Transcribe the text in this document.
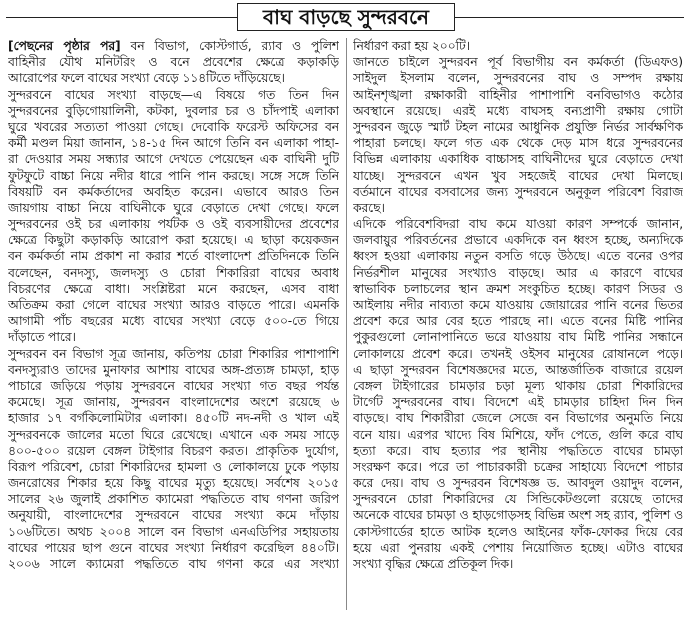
বাঘ বাড়ছে সুন্দরবনে
[পেছনের পৃষ্ঠার পর] বন বিভাগ, কোস্টগার্ড, র‌্যাব ও পুলিশ
বাহিনীর যৌথ মনিটরিং ও বনে প্রবেশের ক্ষেত্রে কড়াকড়ি
আরোপের ফলে বাঘের সংখ্যা বেড়ে ১১৪টিতে দাঁড়িয়েছে।
সুন্দরবনে বাঘের সংখ্যা বাড়ছে—এ বিষয়ে গত তিন দিন
সুন্দরবনের বুড়িগোয়ালিনী, কটকা, দুবলার চর ও চাঁদপাই এলাকা
ঘুরে খবরের সত্যতা পাওয়া গেছে। দেবোকি ফরেস্ট অফিসের বন
কর্মী মণ্ডল মিয়া জানান, ১৪-১৫ দিন আগে তিনি বন এলাকা পাহা-
রা দেওয়ার সময় সন্ধ্যার আগে দেখতে পেয়েছেন এক বাঘিনী দুটি
ফুটফুটে বাচ্চা নিয়ে নদীর ধারে পানি পান করছে। সঙ্গে সঙ্গে তিনি
বিষয়টি বন কর্মকর্তাদের অবহিত করেন। এভাবে আরও তিন
জায়গায় বাচ্চা নিয়ে বাঘিনীকে ঘুরে বেড়াতে দেখা গেছে। ফলে
সুন্দরবনের ওই চর এলাকায় পর্যটক ও ওই ব্যবসায়ীদের প্রবেশের
ক্ষেত্রে কিছুটা কড়াকড়ি আরোপ করা হয়েছে। এ ছাড়া কয়েকজন
বন কর্মকর্তা নাম প্রকাশ না করার শর্তে বাংলাদেশ প্রতিদিনকে তিনি
বলেছেন, বনদস্যু, জলদস্যু ও চোরা শিকারিরা বাঘের অবাধ
বিচরণের ক্ষেত্রে বাধা। সংশ্লিষ্টরা মনে করছেন, এসব বাধা
অতিক্রম করা গেলে বাঘের সংখ্যা আরও বাড়তে পারে। এমনকি
আগামী পাঁচ বছরের মধ্যে বাঘের সংখ্যা বেড়ে ৫০০-তে গিয়ে
দাঁড়াতে পারে।
সুন্দরবন বন বিভাগ সূত্র জানায়, কতিপয় চোরা শিকারির পাশাপাশি
বনদস্যুরাও তাদের মুনাফার আশায় বাঘের অঙ্গ-প্রত্যঙ্গ চামড়া, হাড়
পাচারে জড়িয়ে পড়ায় সুন্দরবনে বাঘের সংখ্যা গত বছর পর্যন্ত
কমেছে। সূত্র জানায়, সুন্দরবন বাংলাদেশের অংশে রয়েছে ৬
হাজার ১৭ বর্গকিলোমিটার এলাকা। ৪৫০টি নদ-নদী ও খাল এই
সুন্দরবনকে জালের মতো ঘিরে রেখেছে। এখানে এক সময় সাড়ে
৪০০-৫০০ রয়েল বেঙ্গল টাইগার বিচরণ করত। প্রাকৃতিক দুর্যোগ,
বিরূপ পরিবেশ, চোরা শিকারিদের হামলা ও লোকালয়ে ঢুকে পড়ায়
জনরোষের শিকার হয়ে কিছু বাঘের মৃত্যু হয়েছে। সর্বশেষ ২০১৫
সালের ২৬ জুলাই প্রকাশিত ক্যামেরা পদ্ধতিতে বাঘ গণনা জরিপ
অনুযায়ী, বাংলাদেশের সুন্দরবনে বাঘের সংখ্যা কমে দাঁড়ায়
১০৬টিতে। অথচ ২০০৪ সালে বন বিভাগ এনএডিপির সহায়তায়
বাঘের পায়ের ছাপ গুনে বাঘের সংখ্যা নির্ধারণ করেছিল ৪৪০টি।
২০০৬ সালে ক্যামেরা পদ্ধতিতে বাঘ গণনা করে এর সংখ্যা
নির্ধারণ করা হয় ২০০টি।
জানতে চাইলে সুন্দরবন পূর্ব বিভাগীয় বন কর্মকর্তা (ডিএফও)
সাইদুল ইসলাম বলেন, সুন্দরবনের বাঘ ও সম্পদ রক্ষায়
আইনশৃঙ্খলা রক্ষাকারী বাহিনীর পাশাপাশি বনবিভাগও কঠোর
অবস্থানে রয়েছে। এরই মধ্যে বাঘসহ বন্যপ্রাণী রক্ষায় গোটা
সুন্দরবন জুড়ে স্মার্ট টহল নামের আধুনিক প্রযুক্তি নির্ভর সার্বক্ষণিক
পাহারা চলছে। ফলে গত এক থেকে দেড় মাস ধরে সুন্দরবনের
বিভিন্ন এলাকায় একাধিক বাচ্চাসহ বাঘিনীদের ঘুরে বেড়াতে দেখা
যাচ্ছে। সুন্দরবনে এখন খুব সহজেই বাঘের দেখা মিলছে।
বর্তমানে বাঘের বসবাসের জন্য সুন্দরবনে অনুকূল পরিবেশ বিরাজ
করছে।
এদিকে পরিবেশবিদরা বাঘ কমে যাওয়া কারণ সম্পর্কে জানান,
জলবায়ুর পরিবর্তনের প্রভাবে একদিকে বন ধ্বংস হচ্ছে, অন্যদিকে
ধ্বংস হওয়া এলাকায় নতুন বসতি গড়ে উঠছে। এতে বনের ওপর
নির্ভরশীল মানুষের সংখ্যাও বাড়ছে। আর এ কারণে বাঘের
স্বাভাবিক চলাচলের স্থান ক্রমশ সংকুচিত হচ্ছে। কারণ সিডর ও
আইলায় নদীর নাব্যতা কমে যাওয়ায় জোয়ারের পানি বনের ভিতর
প্রবেশ করে আর বের হতে পারছে না। এতে বনের মিষ্টি পানির
পুকুরগুলো লোনাপানিতে ভরে যাওয়ায় বাঘ মিষ্টি পানির সন্ধানে
লোকালয়ে প্রবেশ করে। তখনই ওইসব মানুষের রোষানলে পড়ে।
এ ছাড়া সুন্দরবন বিশেষজ্ঞদের মতে, আন্তর্জাতিক বাজারে রয়েল
বেঙ্গল টাইগারের চামড়ার চড়া মূল্য থাকায় চোরা শিকারিদের
টার্গেট সুন্দরবনের বাঘ। বিদেশে এই চামড়ার চাহিদা দিন দিন
বাড়ছে। বাঘ শিকারীরা জেলে সেজে বন বিভাগের অনুমতি নিয়ে
বনে যায়। এরপর খাদ্যে বিষ মিশিয়ে, ফাঁদ পেতে, গুলি করে বাঘ
হত্যা করে। বাঘ হত্যার পর স্থানীয় পদ্ধতিতে বাঘের চামড়া
সংরক্ষণ করে। পরে তা পাচারকারী চক্রের সাহায্যে বিদেশে পাচার
করে দেয়। বাঘ ও সুন্দরবন বিশেষজ্ঞ ড. আবদুল ওয়াদুদ বলেন,
সুন্দরবনে চোরা শিকারিদের যে সিন্ডিকেটগুলো রয়েছে তাদের
অনেকে বাঘের চামড়া ও হাড়গোড়সহ বিভিন্ন অংশ সহ র‌্যাব, পুলিশ ও
কোস্টগার্ডের হাতে আটক হলেও আইনের ফাঁক-ফোকর দিয়ে বের
হয়ে এরা পুনরায় একই পেশায় নিয়োজিত হচ্ছে। এটাও বাঘের
সংখ্যা বৃদ্ধির ক্ষেত্রে প্রতিকূল দিক।
